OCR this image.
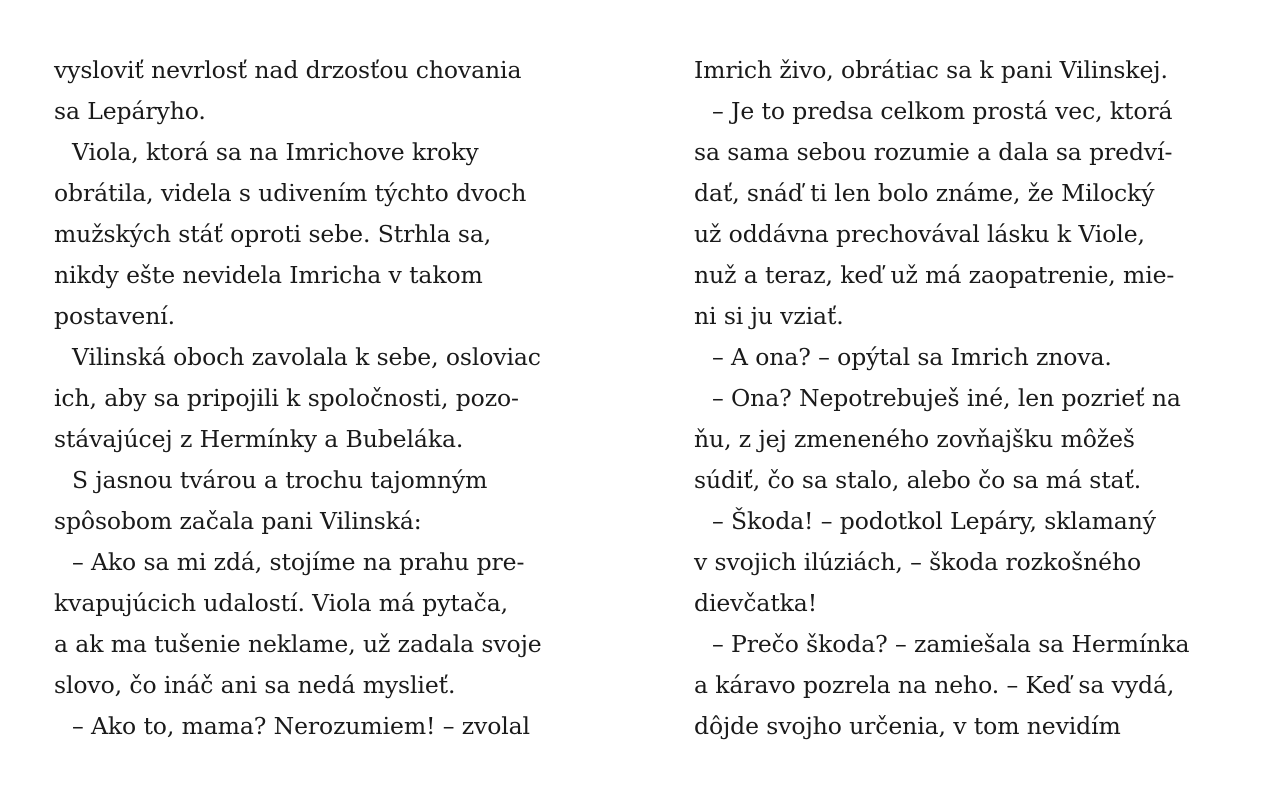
vysloviť nevrlosť nad drzosťou chovania
sa Lepáryho.
Viola, ktorá sa na Imrichove kroky
obrátila, videla s udivením týchto dvoch
mužských stáť oproti sebe. Strhla sa,
nikdy ešte nevidela Imricha v takom
postavení.
Vilinská oboch zavolala k sebe, osloviac
ich, aby sa pripojili k spoločnosti, pozo-
stávajúcej z Hermínky a Bubeláka.
S jasnou tvárou a trochu tajomným
spôsobom začala pani Vilinská:
– Ako sa mi zdá, stojíme na prahu pre-
kvapujúcich udalostí. Viola má pytača,
a ak ma tušenie neklame, už zadala svoje
slovo, čo ináč ani sa nedá myslieť.
– Ako to, mama? Nerozumiem! – zvolal
Imrich živo, obrátiac sa k pani Vilinskej.
– Je to predsa celkom prostá vec, ktorá
sa sama sebou rozumie a dala sa predví-
dať, snáď ti len bolo známe, že Milocký
už oddávna prechovával lásku k Viole,
nuž a teraz, keď už má zaopatrenie, mie-
ni si ju vziať.
– A ona? – opýtal sa Imrich znova.
– Ona? Nepotrebuješ iné, len pozrieť na
ňu, z jej zmeneného zovňajšku môžeš
súdiť, čo sa stalo, alebo čo sa má stať.
– Škoda! – podotkol Lepáry, sklamaný
v svojich ilúziách, – škoda rozkošného
dievčatka!
– Prečo škoda? – zamiešala sa Hermínka
a káravo pozrela na neho. – Keď sa vydá,
dôjde svojho určenia, v tom nevidím
